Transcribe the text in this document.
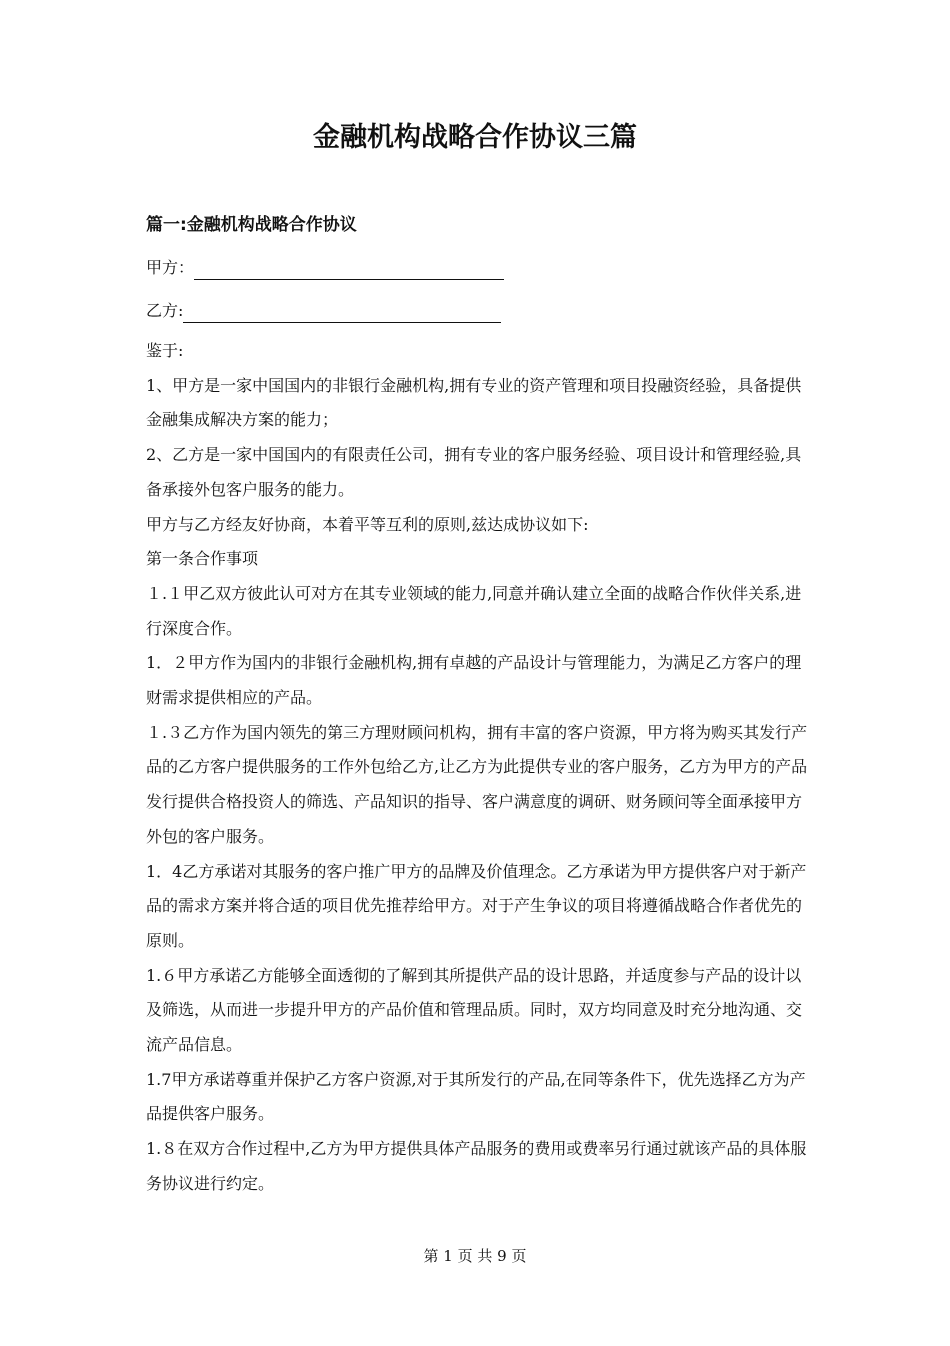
金融机构战略合作协议三篇
篇一:金融机构战略合作协议
甲方：
乙方:

鉴于:

1、甲方是一家中国国内的非银行金融机构,拥有专业的资产管理和项目投融资经验，具备提供金融集成解决方案的能力；

2、乙方是一家中国国内的有限责任公司，拥有专业的客户服务经验、项目设计和管理经验,具备承接外包客户服务的能力。

甲方与乙方经友好协商，本着平等互利的原则,兹达成协议如下:

第一条合作事项

１.１甲乙双方彼此认可对方在其专业领域的能力,同意并确认建立全面的战略合作伙伴关系,进行深度合作。

1．２甲方作为国内的非银行金融机构,拥有卓越的产品设计与管理能力，为满足乙方客户的理财需求提供相应的产品。

１.３乙方作为国内领先的第三方理财顾问机构，拥有丰富的客户资源，甲方将为购买其发行产品的乙方客户提供服务的工作外包给乙方,让乙方为此提供专业的客户服务，乙方为甲方的产品发行提供合格投资人的筛选、产品知识的指导、客户满意度的调研、财务顾问等全面承接甲方外包的客户服务。

1．4乙方承诺对其服务的客户推广甲方的品牌及价值理念。乙方承诺为甲方提供客户对于新产品的需求方案并将合适的项目优先推荐给甲方。对于产生争议的项目将遵循战略合作者优先的原则。

1.６甲方承诺乙方能够全面透彻的了解到其所提供产品的设计思路，并适度参与产品的设计以及筛选，从而进一步提升甲方的产品价值和管理品质。同时，双方均同意及时充分地沟通、交流产品信息。

1.7甲方承诺尊重并保护乙方客户资源,对于其所发行的产品,在同等条件下，优先选择乙方为产品提供客户服务。

1.８在双方合作过程中,乙方为甲方提供具体产品服务的费用或费率另行通过就该产品的具体服务协议进行约定。

第 1 页 共 9 页
